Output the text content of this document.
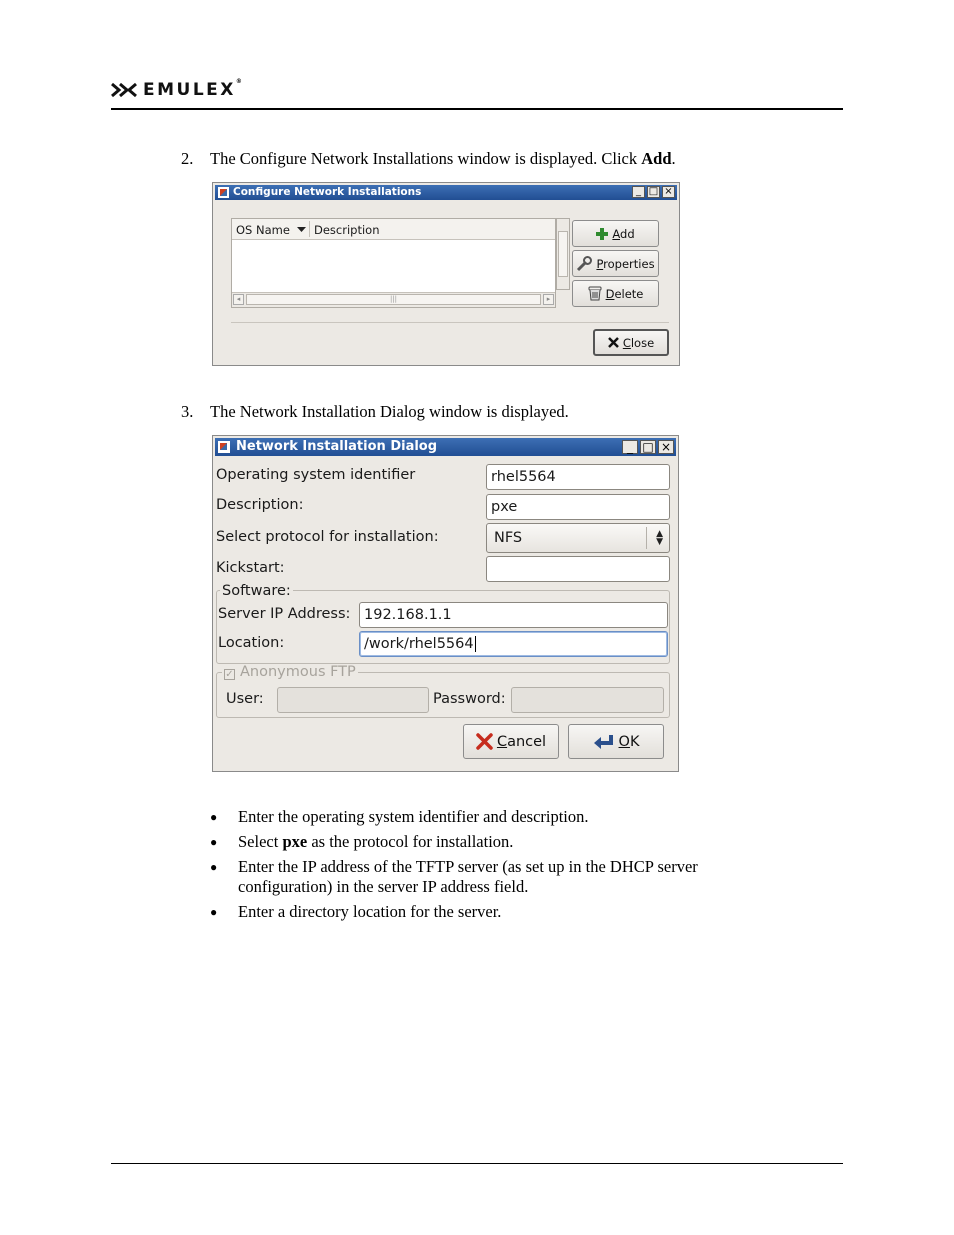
EMULEX®
2. The Configure Network Installations window is displayed. Click Add.
Configure Network Installations	_ □ ×
OS Name	Description
◂	|||	▸
Add
Properties
Delete
Close
3. The Network Installation Dialog window is displayed.
Network Installation Dialog	_ □ ×
Operating system identifier	rhel5564
Description:	pxe
Select protocol for installation:	NFS	▲
▼
Kickstart:
Software:
Server IP Address: 192.168.1.1
Location:	/work/rhel5564
✓ Anonymous FTP
User:	Password:
Cancel	OK
● Enter the operating system identifier and description.
● Select pxe as the protocol for installation.
● Enter the IP address of the TFTP server (as set up in the DHCP server configuration) in the server IP address field.
● Enter a directory location for the server.
